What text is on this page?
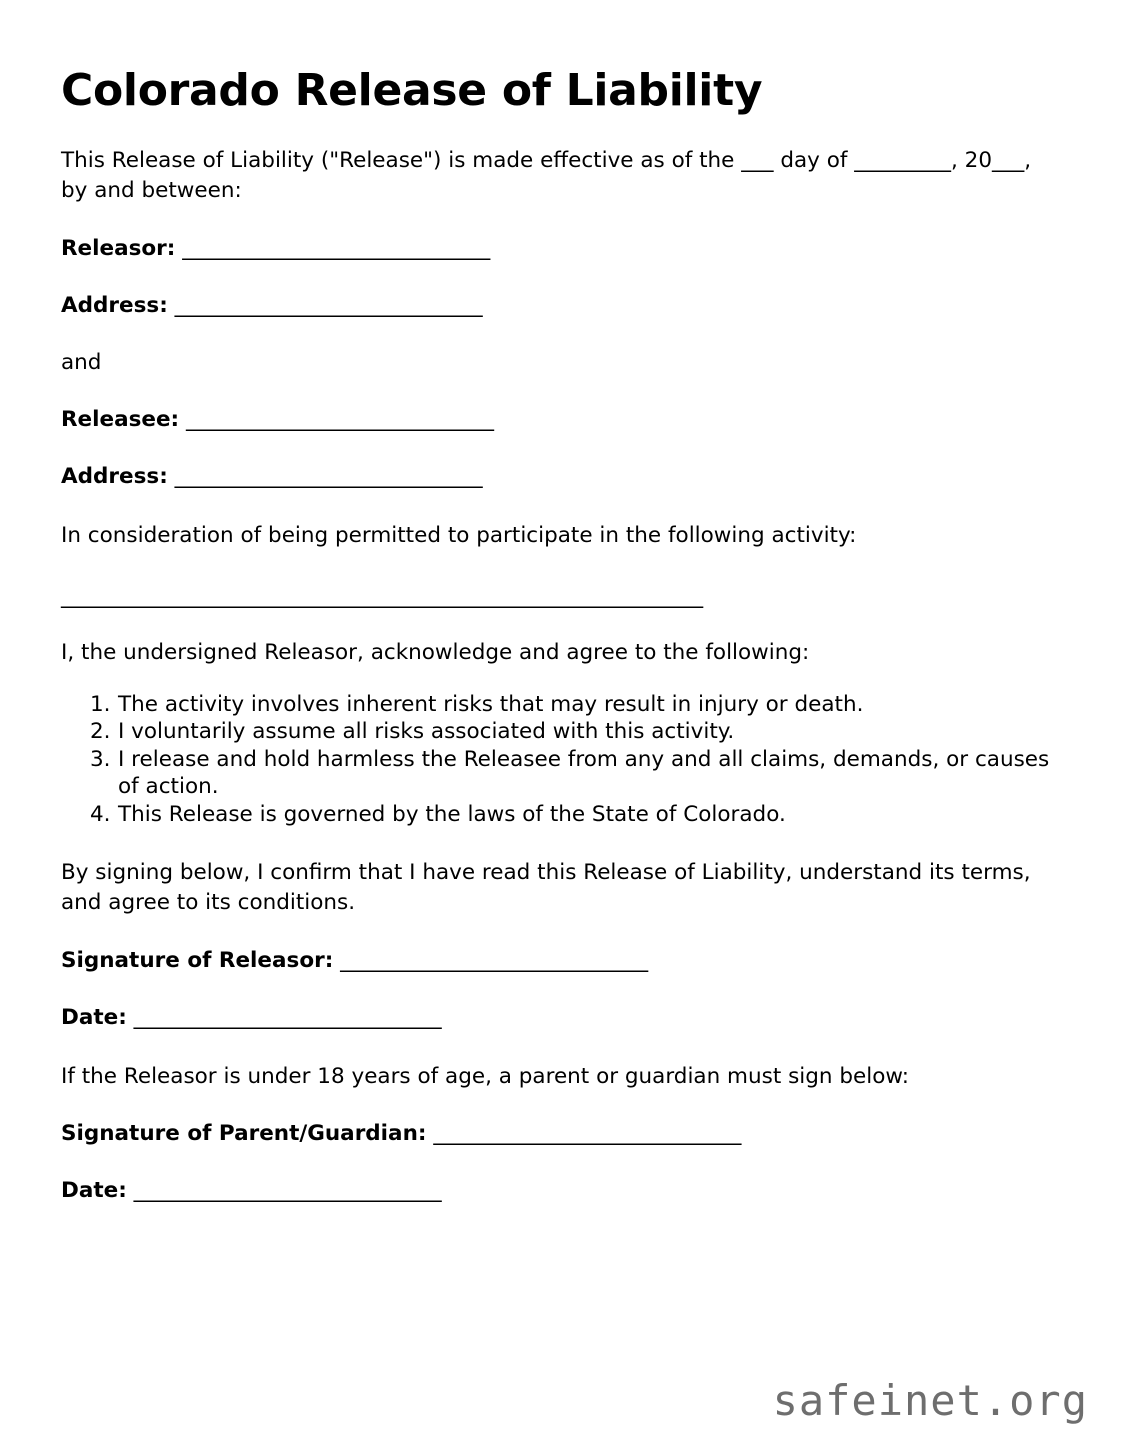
Colorado Release of Liability

This Release of Liability ("Release") is made effective as of the ___ day of _________, 20___, by and between:

Releasor: ______________________________

Address: ______________________________

and

Releasee: ______________________________

Address: ______________________________

In consideration of being permitted to participate in the following activity:

______________________________________________________________

I, the undersigned Releasor, acknowledge and agree to the following:

1. The activity involves inherent risks that may result in injury or death.
2. I voluntarily assume all risks associated with this activity.
3. I release and hold harmless the Releasee from any and all claims, demands, or causes of action.
4. This Release is governed by the laws of the State of Colorado.

By signing below, I confirm that I have read this Release of Liability, understand its terms, and agree to its conditions.

Signature of Releasor: ______________________________

Date: ______________________________

If the Releasor is under 18 years of age, a parent or guardian must sign below:

Signature of Parent/Guardian: ______________________________

Date: ______________________________

safeinet.org
